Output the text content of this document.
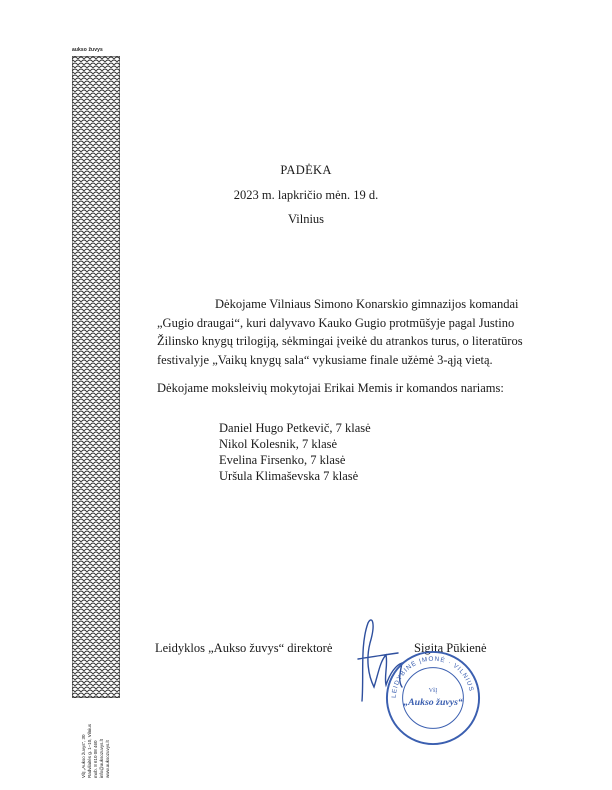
aukso žuvys
VšĮ „Aukso žuvys“, 30 Radvilaitės g. 1–10, Vilnius mob. 8 610 08 460 info@auksozuvys.lt www.auksozuvys.lt
PADĖKA
2023 m. lapkričio mėn. 19 d.
Vilnius
Dėkojame Vilniaus Simono Konarskio gimnazijos komandai
„Gugio draugai“, kuri dalyvavo Kauko Gugio protmūšyje pagal Justino
Žilinsko knygų trilogiją, sėkmingai įveikė du atrankos turus, o literatūros
festivalyje „Vaikų knygų sala“ vykusiame finale užėmė 3-ąją vietą.
Dėkojame moksleivių mokytojai Erikai Memis ir komandos nariams:
Daniel Hugo Petkevič, 7 klasė
Nikol Kolesnik, 7 klasė
Evelina Firsenko, 7 klasė
Uršula Klimaševska 7 klasė
Leidyklos „Aukso žuvys“ direktorė	Sigita Pūkienė
LEIDYBINĖ ĮMONĖ · VILNIUS
VšĮ
„Aukso žuvys“
